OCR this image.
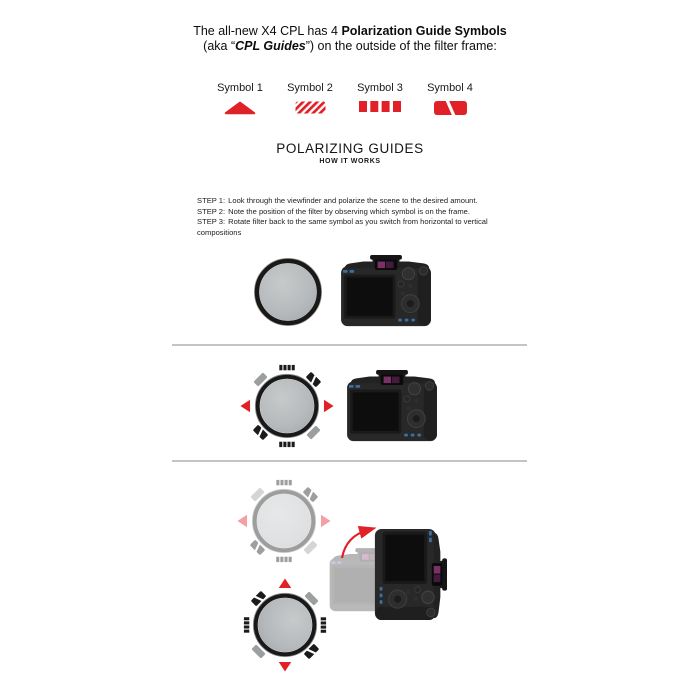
The all-new X4 CPL has 4 Polarization Guide Symbols
(aka “CPL Guides”) on the outside of the filter frame:
Symbol 1 Symbol 2 Symbol 3 Symbol 4
POLARIZING GUIDES
HOW IT WORKS
STEP 1: Look through the viewfinder and polarize the scene to the desired amount.
STEP 2: Note the position of the filter by observing which symbol is on the frame.
STEP 3: Rotate filter back to the same symbol as you switch from horizontal to vertical compositions
